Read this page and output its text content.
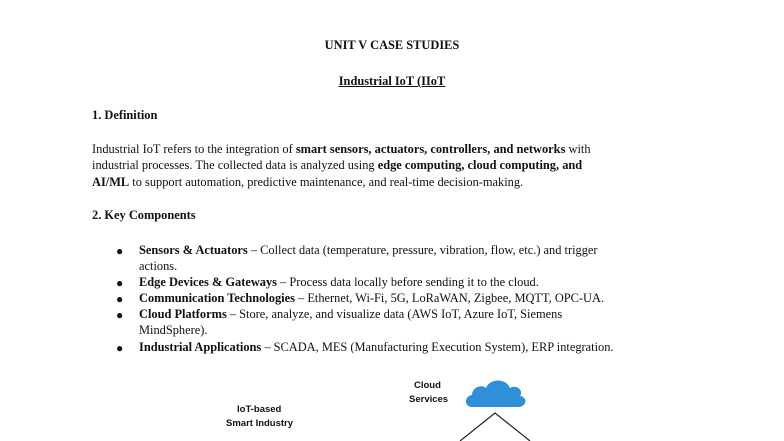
UNIT V CASE STUDIES
Industrial IoT (IIoT
1. Definition
Industrial IoT refers to the integration of smart sensors, actuators, controllers, and networks with
industrial processes. The collected data is analyzed using edge computing, cloud computing, and
AI/ML to support automation, predictive maintenance, and real-time decision-making.
2. Key Components
● Sensors & Actuators – Collect data (temperature, pressure, vibration, flow, etc.) and trigger
actions.
● Edge Devices & Gateways – Process data locally before sending it to the cloud.
● Communication Technologies – Ethernet, Wi-Fi, 5G, LoRaWAN, Zigbee, MQTT, OPC-UA.
● Cloud Platforms – Store, analyze, and visualize data (AWS IoT, Azure IoT, Siemens
MindSphere).
● Industrial Applications – SCADA, MES (Manufacturing Execution System), ERP integration.
Cloud
Services
IoT-based
Smart Industry
